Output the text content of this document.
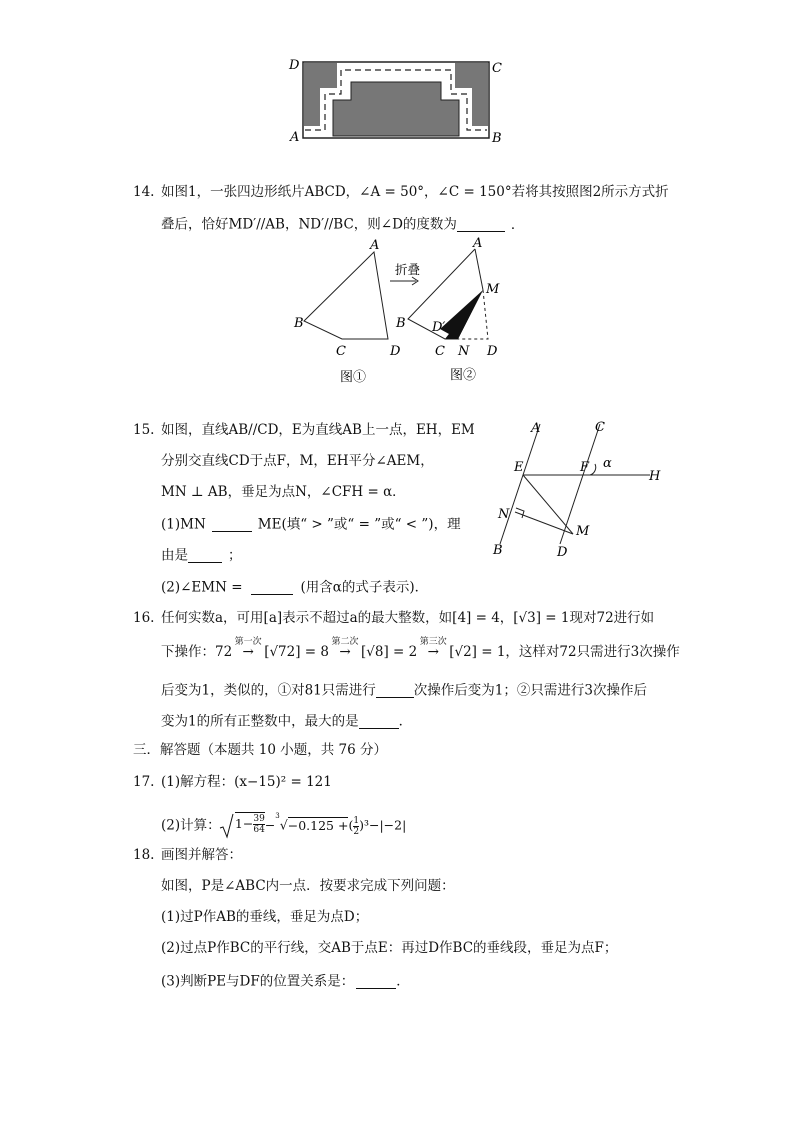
D	C
A	B
14. 如图1，一张四边形纸片ABCD，∠A = 50°，∠C = 150°若将其按照图2所示方式折
叠后，恰好MD′//AB，ND′//BC，则∠D的度数为	．
A
B
C	D
图①
折叠
A
M
B D′
C N D
图②
15. 如图，直线AB//CD，E为直线AB上一点，EH，EM
分别交直线CD于点F，M，EH平分∠AEM，
MN ⊥ AB，垂足为点N，∠CFH = α．
(1)MN	ME(填“ > ”或“ = ”或“ < ”)，理
由是	；
(2)∠EMN =	(用含α的式子表示)．
A	C
E	F α
H
N
M
B	D
16. 任何实数a，可用[a]表示不超过a的最大整数，如[4] = 4，[√3] = 1现对72进行如
下操作：72
第一次
→ [√72] = 8
第二次
→ [√8] = 2
第三次
→ [√2] = 1，这样对72只需进行3次操作
后变为1，类似的，①对81只需进行	次操作后变为1；②只需进行3次操作后
变为1的所有正整数中，最大的是	．
三．解答题（本题共 10 小题，共 76 分）
17. (1)解方程：(x−15)² = 121
(2)计算： $1- \frac{39}{64} -^3√-0.125$ +( $\frac{1}{2} )^3-|-2|$
18. 画图并解答：
如图，P是∠ABC内一点．按要求完成下列问题：
(1)过P作AB的垂线，垂足为点D；
(2)过点P作BC的平行线，交AB于点E：再过D作BC的垂线段，垂足为点F；
(3)判断PE与DF的位置关系是：	．
